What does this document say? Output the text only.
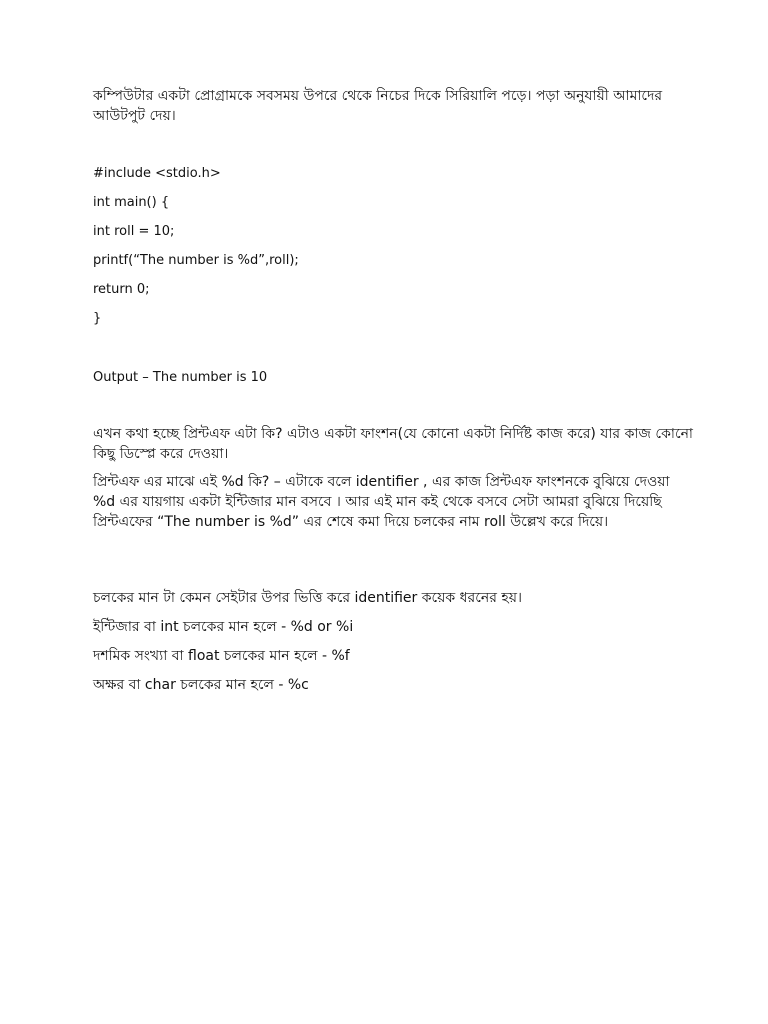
কম্পিউটার একটা প্রোগ্রামকে সবসময় উপরে থেকে নিচের দিকে সিরিয়ালি পড়ে। পড়া অনুযায়ী আমাদের আউটপুট দেয়।

#include <stdio.h>
int main() {
int roll = 10;
printf(“The number is %d”,roll);
return 0;
}
Output – The number is 10

এখন কথা হচ্ছে প্রিন্টএফ এটা কি? এটাও একটা ফাংশন(যে কোনো একটা নির্দিষ্ট কাজ করে) যার কাজ কোনো কিছু ডিস্প্লে করে দেওয়া।

প্রিন্টএফ এর মাঝে এই %d কি? – এটাকে বলে identifier , এর কাজ প্রিন্টএফ ফাংশনকে বুঝিয়ে দেওয়া %d এর যায়গায় একটা ইন্টিজার মান বসবে । আর এই মান কই থেকে বসবে সেটা আমরা বুঝিয়ে দিয়েছি প্রিন্টএফের “The number is %d” এর শেষে কমা দিয়ে চলকের নাম roll উল্লেখ করে দিয়ে।

চলকের মান টা কেমন সেইটার উপর ভিত্তি করে identifier কয়েক ধরনের হয়।

ইন্টিজার বা int চলকের মান হলে - %d or %i

দশমিক সংখ্যা বা float চলকের মান হলে - %f

অক্ষর বা char চলকের মান হলে - %c
